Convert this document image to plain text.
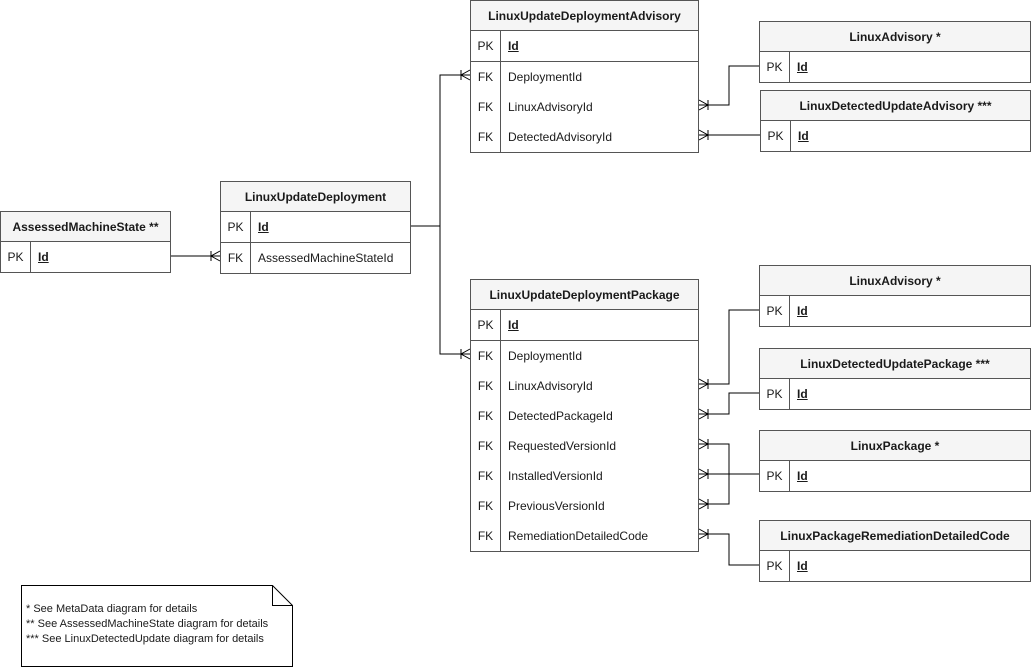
AssessedMachineState **
PK	Id
LinuxUpdateDeployment
PK	Id
FK	AssessedMachineStateId
LinuxUpdateDeploymentAdvisory
PK	Id
FK	DeploymentId
FK	LinuxAdvisoryId
FK	DetectedAdvisoryId
LinuxAdvisory *
PK	Id
LinuxDetectedUpdateAdvisory ***
PK	Id
LinuxUpdateDeploymentPackage
PK	Id
FK	DeploymentId
FK	LinuxAdvisoryId
FK	DetectedPackageId
FK	RequestedVersionId
FK	InstalledVersionId
FK	PreviousVersionId
FK	RemediationDetailedCode
LinuxAdvisory *
PK	Id
LinuxDetectedUpdatePackage ***
PK	Id
LinuxPackage *
PK	Id
LinuxPackageRemediationDetailedCode
PK	Id
* See MetaData diagram for details
** See AssessedMachineState diagram for details
*** See LinuxDetectedUpdate diagram for details
